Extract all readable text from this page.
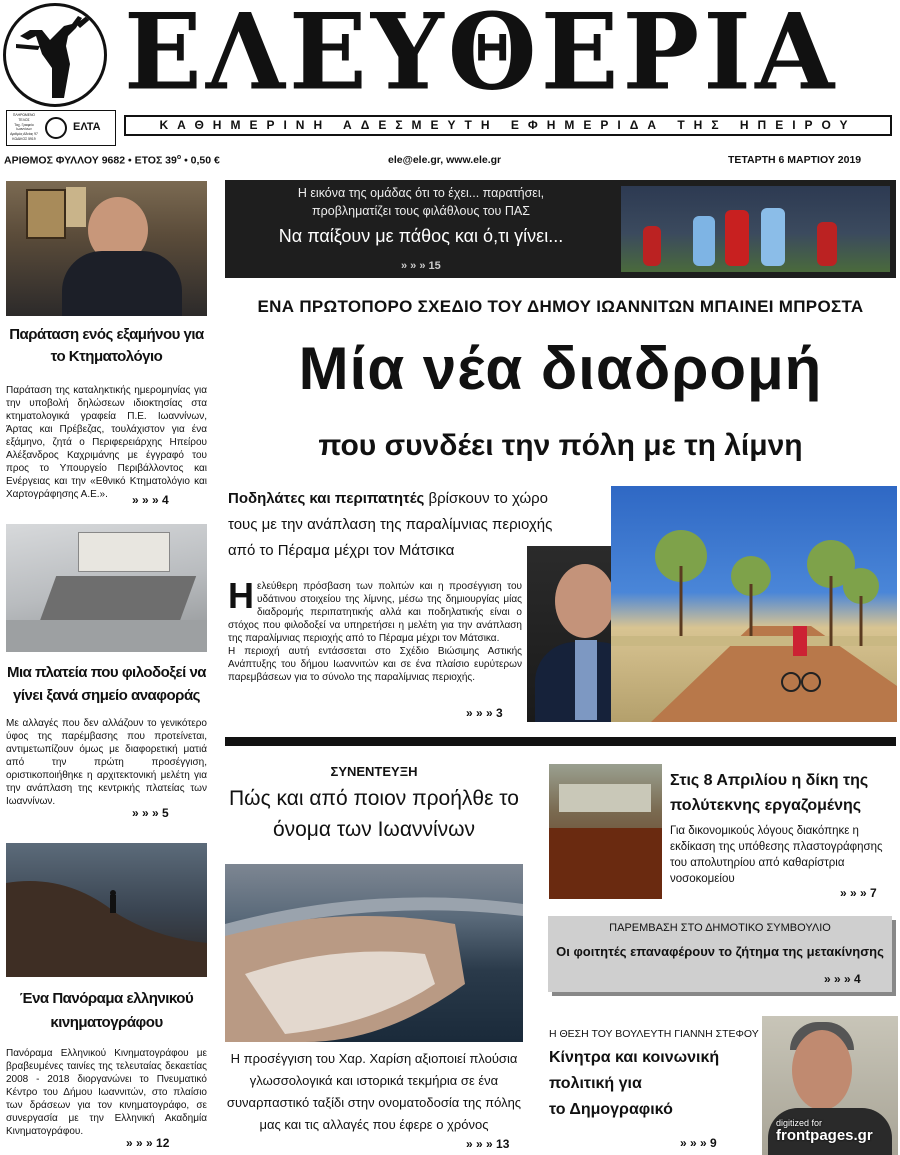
ΕΛΕΥΘΕΡΙΑ
ΚΑΘΗΜΕΡΙΝΗ ΑΔΕΣΜΕΥΤΗ ΕΦΗΜΕΡΙΔΑ ΤΗΣ ΗΠΕΙΡΟΥ
ΠΛΗΡΩΜΕΝΟ
ΤΕΛΟΣ
Ταχ. Γραφείο
Ιωαννίνων
Αριθμός Αδείας 97
ΚΩΔΙΚΟΣ 5919
ΕΛΤΑ
ΑΡΙΘΜΟΣ ΦΥΛΛΟΥ 9682 • ΕΤΟΣ $39^o$ • 0,50 €	ele@ele.gr, www.ele.gr	ΤΕΤΑΡΤΗ 6 ΜΑΡΤΙΟΥ 2019
Παράταση ενός εξαμήνου για το Κτηματολόγιο
Παράταση της καταληκτικής ημερομηνίας για την υποβολή δηλώσεων ιδιοκτησίας στα κτηματολογικά γραφεία Π.Ε. Ιωαννίνων, Άρτας και Πρέβεζας, τουλάχιστον για ένα εξάμηνο, ζητά ο Περιφερειάρχης Ηπείρου Αλέξανδρος Καχριμάνης με έγγραφό του προς το Υπουργείο Περιβάλλοντος και Ενέργειας και την «Εθνικό Κτηματολόγιο και Χαρτογράφησης Α.Ε.».	» » » 4
Μια πλατεία που φιλοδοξεί να γίνει ξανά σημείο αναφοράς
Με αλλαγές που δεν αλλάζουν το γενικότερο ύφος της παρέμβασης που προτείνεται, αντιμετωπίζουν όμως με διαφορετική ματιά από την πρώτη προσέγγιση, οριστικοποιήθηκε η αρχιτεκτονική μελέτη για την ανάπλαση της κεντρικής πλατείας των Ιωαννίνων.
» » » 5
Ένα Πανόραμα ελληνικού κινηματογράφου
Πανόραμα Ελληνικού Κινηματογράφου με βραβευμένες ταινίες της τελευταίας δεκαετίας 2008 - 2018 διοργανώνει το Πνευματικό Κέντρο του Δήμου Ιωαννιτών, στο πλαίσιο των δράσεων για τον κινηματογράφο, σε συνεργασία με την Ελληνική Ακαδημία Κινηματογράφου.
» » » 12
Η εικόνα της ομάδας ότι το έχει... παρατήσει,
προβληματίζει τους φιλάθλους του ΠΑΣ
Να παίξουν με πάθος και ό,τι γίνει...
» » » 15
ΕΝΑ ΠΡΩΤΟΠΟΡΟ ΣΧΕΔΙΟ ΤΟΥ ΔΗΜΟΥ ΙΩΑΝΝΙΤΩΝ ΜΠΑΙΝΕΙ ΜΠΡΟΣΤΑ
Μία νέα διαδρομή
που συνδέει την πόλη με τη λίμνη
Ποδηλάτες και περιπατητές βρίσκουν το χώρο
τους με την ανάπλαση της παραλίμνιας περιοχής
από το Πέραμα μέχρι τον Μάτσικα
Η ελεύθερη πρόσβαση των πολιτών και η προσέγγιση του υδάτινου στοιχείου της λίμνης, μέσω της δημιουργίας μίας διαδρομής περιπατητικής αλλά και ποδηλατικής είναι ο στόχος που φιλοδοξεί να υπηρετήσει η μελέτη για την ανάπλαση της παραλίμνιας περιοχής από το Πέραμα μέχρι τον Μάτσικα.
Η περιοχή αυτή εντάσσεται στο Σχέδιο Βιώσιμης Αστικής Ανάπτυξης του δήμου Ιωαννιτών και σε ένα πλαίσιο ευρύτερων παρεμβάσεων για το σύνολο της παραλίμνιας περιοχής.
» » » 3
ΣΥΝΕΝΤΕΥΞΗ
Πώς και από ποιον προήλθε το όνομα των Ιωαννίνων
Η προσέγγιση του Χαρ. Χαρίση αξιοποιεί πλούσια γλωσσολογικά και ιστορικά τεκμήρια σε ένα συναρπαστικό ταξίδι στην ονοματοδοσία της πόλης μας και τις αλλαγές που έφερε ο χρόνος
» » » 13
Στις 8 Απριλίου η δίκη της πολύτεκνης εργαζομένης
Για δικονομικούς λόγους διακόπηκε η εκδίκαση της υπόθεσης πλαστογράφησης του απολυτηρίου από καθαρίστρια νοσοκομείου
» » » 7
ΠΑΡΕΜΒΑΣΗ ΣΤΟ ΔΗΜΟΤΙΚΟ ΣΥΜΒΟΥΛΙΟ
Οι φοιτητές επαναφέρουν το ζήτημα της μετακίνησης
» » » 4
Η ΘΕΣΗ ΤΟΥ ΒΟΥΛΕΥΤΗ ΓΙΑΝΝΗ ΣΤΕΦΟΥ
Κίνητρα και κοινωνική
πολιτική για
το Δημογραφικό
» » » 9
digitized for
frontpages.gr
